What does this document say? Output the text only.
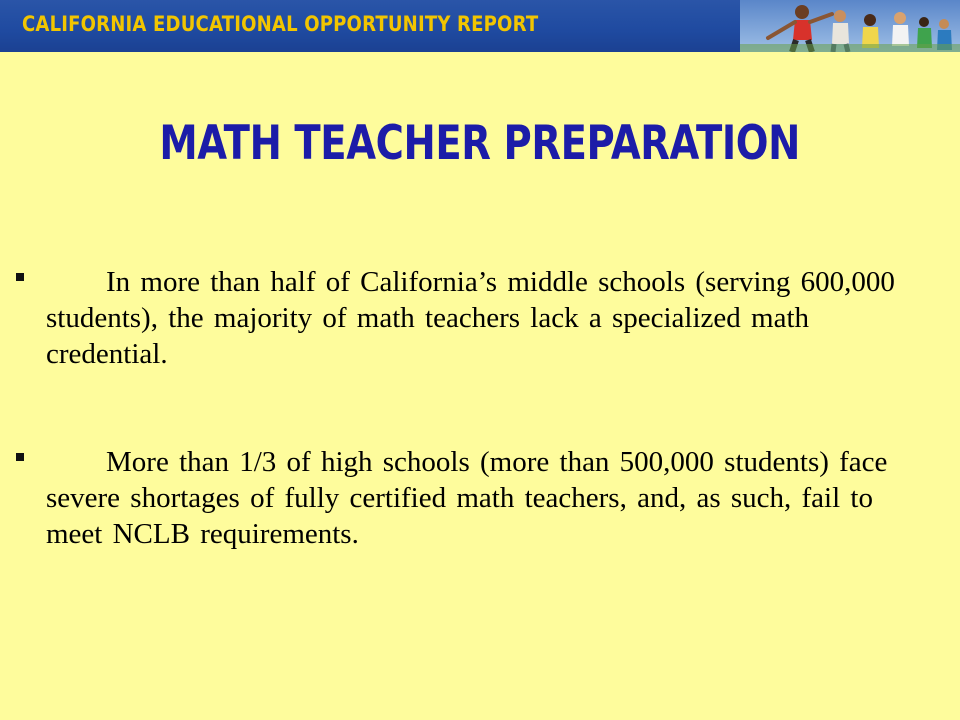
CALIFORNIA EDUCATIONAL OPPORTUNITY REPORT
MATH TEACHER PREPARATION
In more than half of California’s middle schools (serving 600,000 students), the majority of math teachers lack a specialized math credential.
More than 1/3 of high schools (more than 500,000 students) face severe shortages of fully certified math teachers, and, as such, fail to meet NCLB requirements.
